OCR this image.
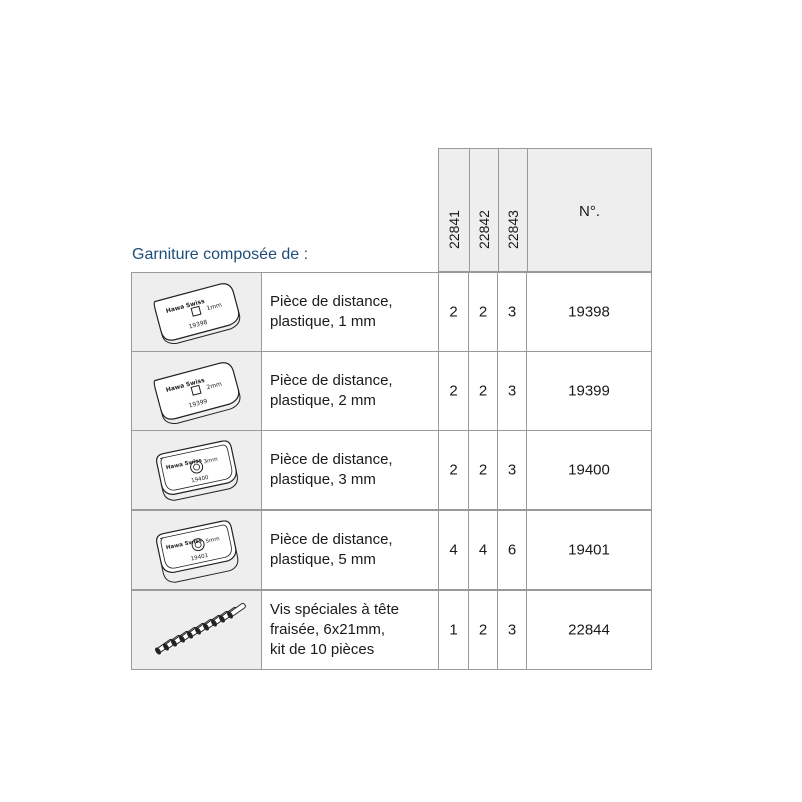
Garniture composée de :
22841 22842 22843	N°.
Hawa Swiss 1mm
19398
Pièce de distance,
plastique, 1 mm
2	2	3	19398
Hawa Swiss 2mm
19399
Pièce de distance,
plastique, 2 mm
2	2	3	19399
Hawa Swiss 3mm
19400
Pièce de distance,
plastique, 3 mm
2	2	3	19400
Hawa Swiss 5mm
19401
Pièce de distance,
plastique, 5 mm
4	4	6	19401
Vis spéciales à tête
fraisée, 6x21mm,
kit de 10 pièces
1	2	3	22844
